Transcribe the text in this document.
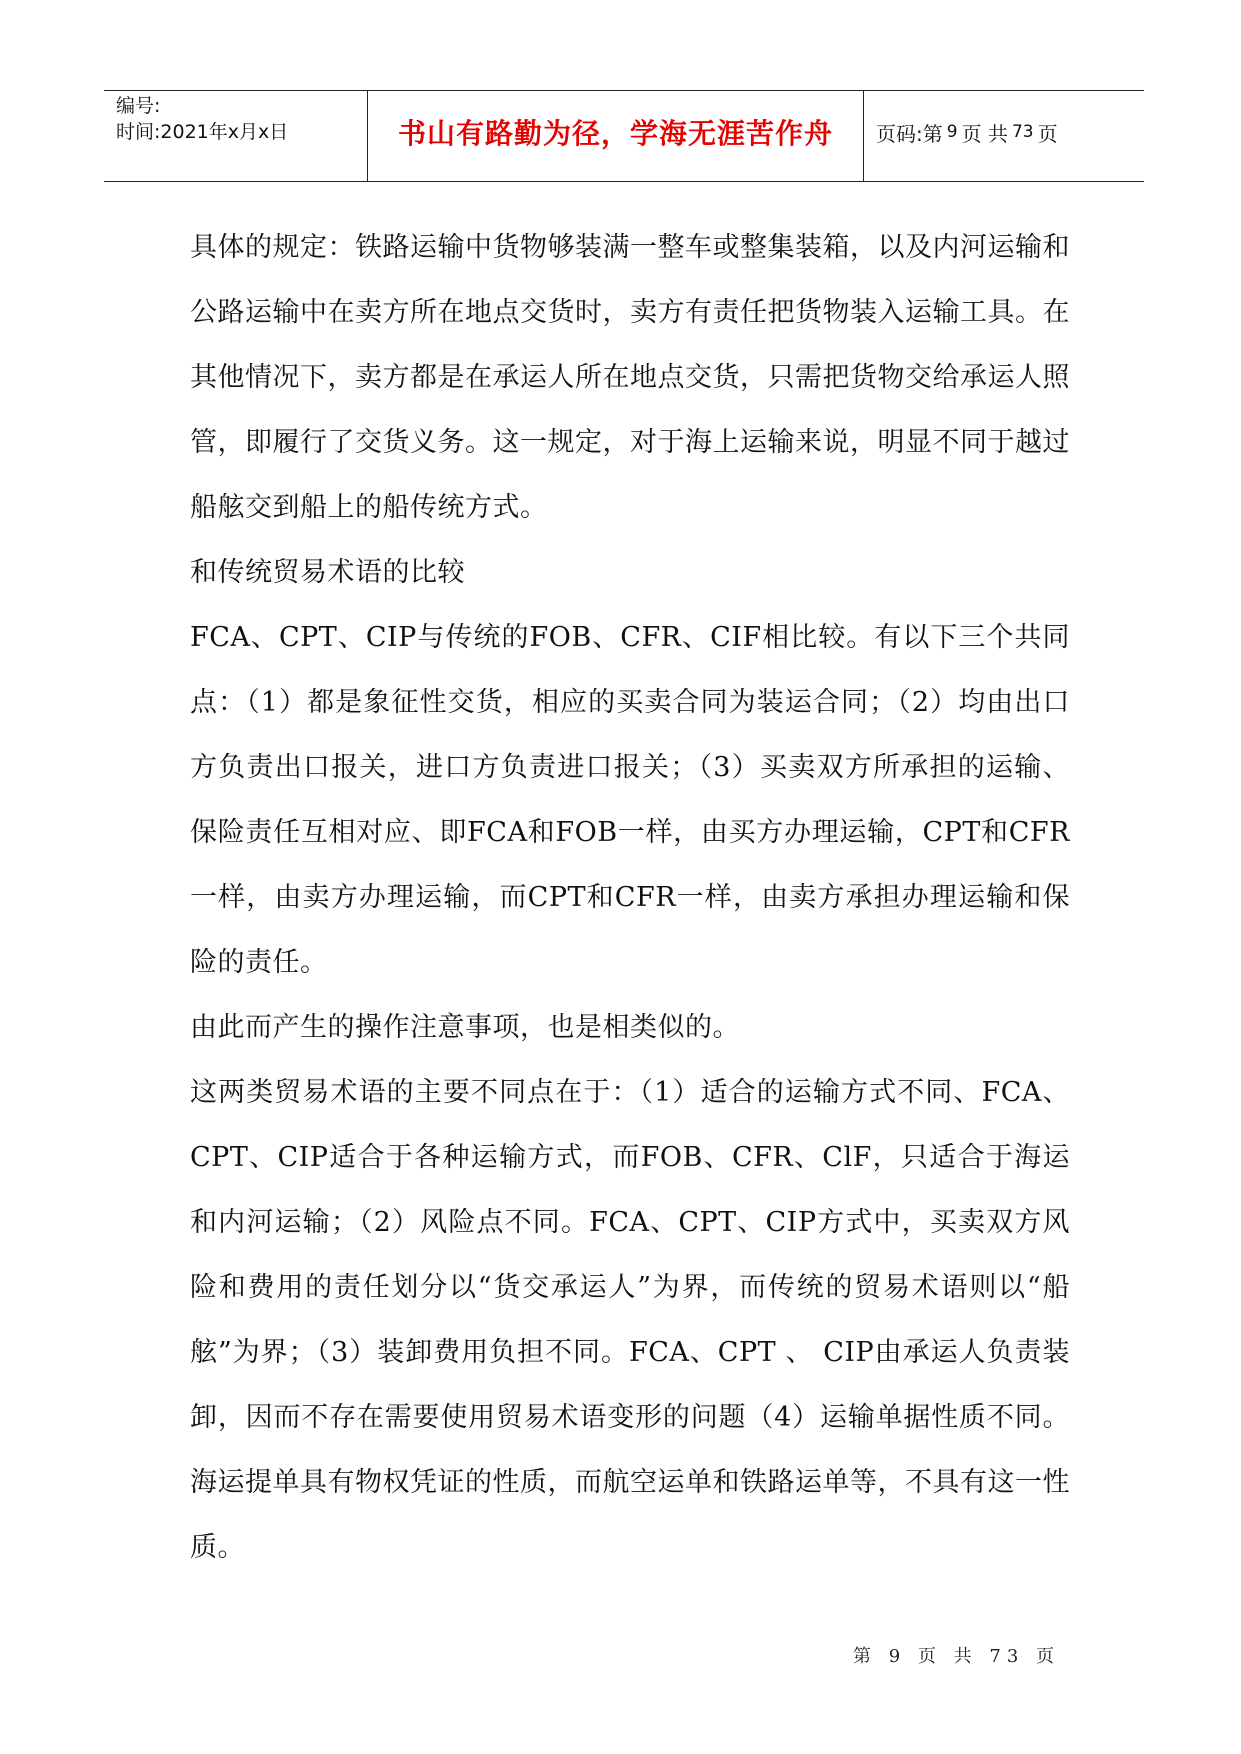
编号:
时间:2021年x月x日	书山有路勤为径，学海无涯苦作舟	页码:第 9 页 共 73 页

具体的规定：铁路运输中货物够装满一整车或整集装箱，以及内河运输和公路运输中在卖方所在地点交货时，卖方有责任把货物装入运输工具。在其他情况下，卖方都是在承运人所在地点交货，只需把货物交给承运人照管，即履行了交货义务。这一规定，对于海上运输来说，明显不同于越过船舷交到船上的船传统方式。

和传统贸易术语的比较

FCA、CPT、CIP与传统的FOB、CFR、CIF相比较。有以下三个共同点：（1）都是象征性交货，相应的买卖合同为装运合同；（2）均由出口方负责出口报关，进口方负责进口报关；（3）买卖双方所承担的运输、保险责任互相对应、即FCA和FOB一样，由买方办理运输，CPT和CFR一样，由卖方办理运输，而CPT和CFR一样，由卖方承担办理运输和保险的责任。

由此而产生的操作注意事项，也是相类似的。

这两类贸易术语的主要不同点在于：（1）适合的运输方式不同、FCA、CPT、CIP适合于各种运输方式，而FOB、CFR、ClF，只适合于海运和内河运输；（2）风险点不同。FCA、CPT、CIP方式中，买卖双方风险和费用的责任划分以“货交承运人”为界，而传统的贸易术语则以“船舷”为界；（3）装卸费用负担不同。FCA、CPT 、 CIP由承运人负责装卸，因而不存在需要使用贸易术语变形的问题（4）运输单据性质不同。海运提单具有物权凭证的性质，而航空运单和铁路运单等，不具有这一性质。

第 9 页 共 73 页
